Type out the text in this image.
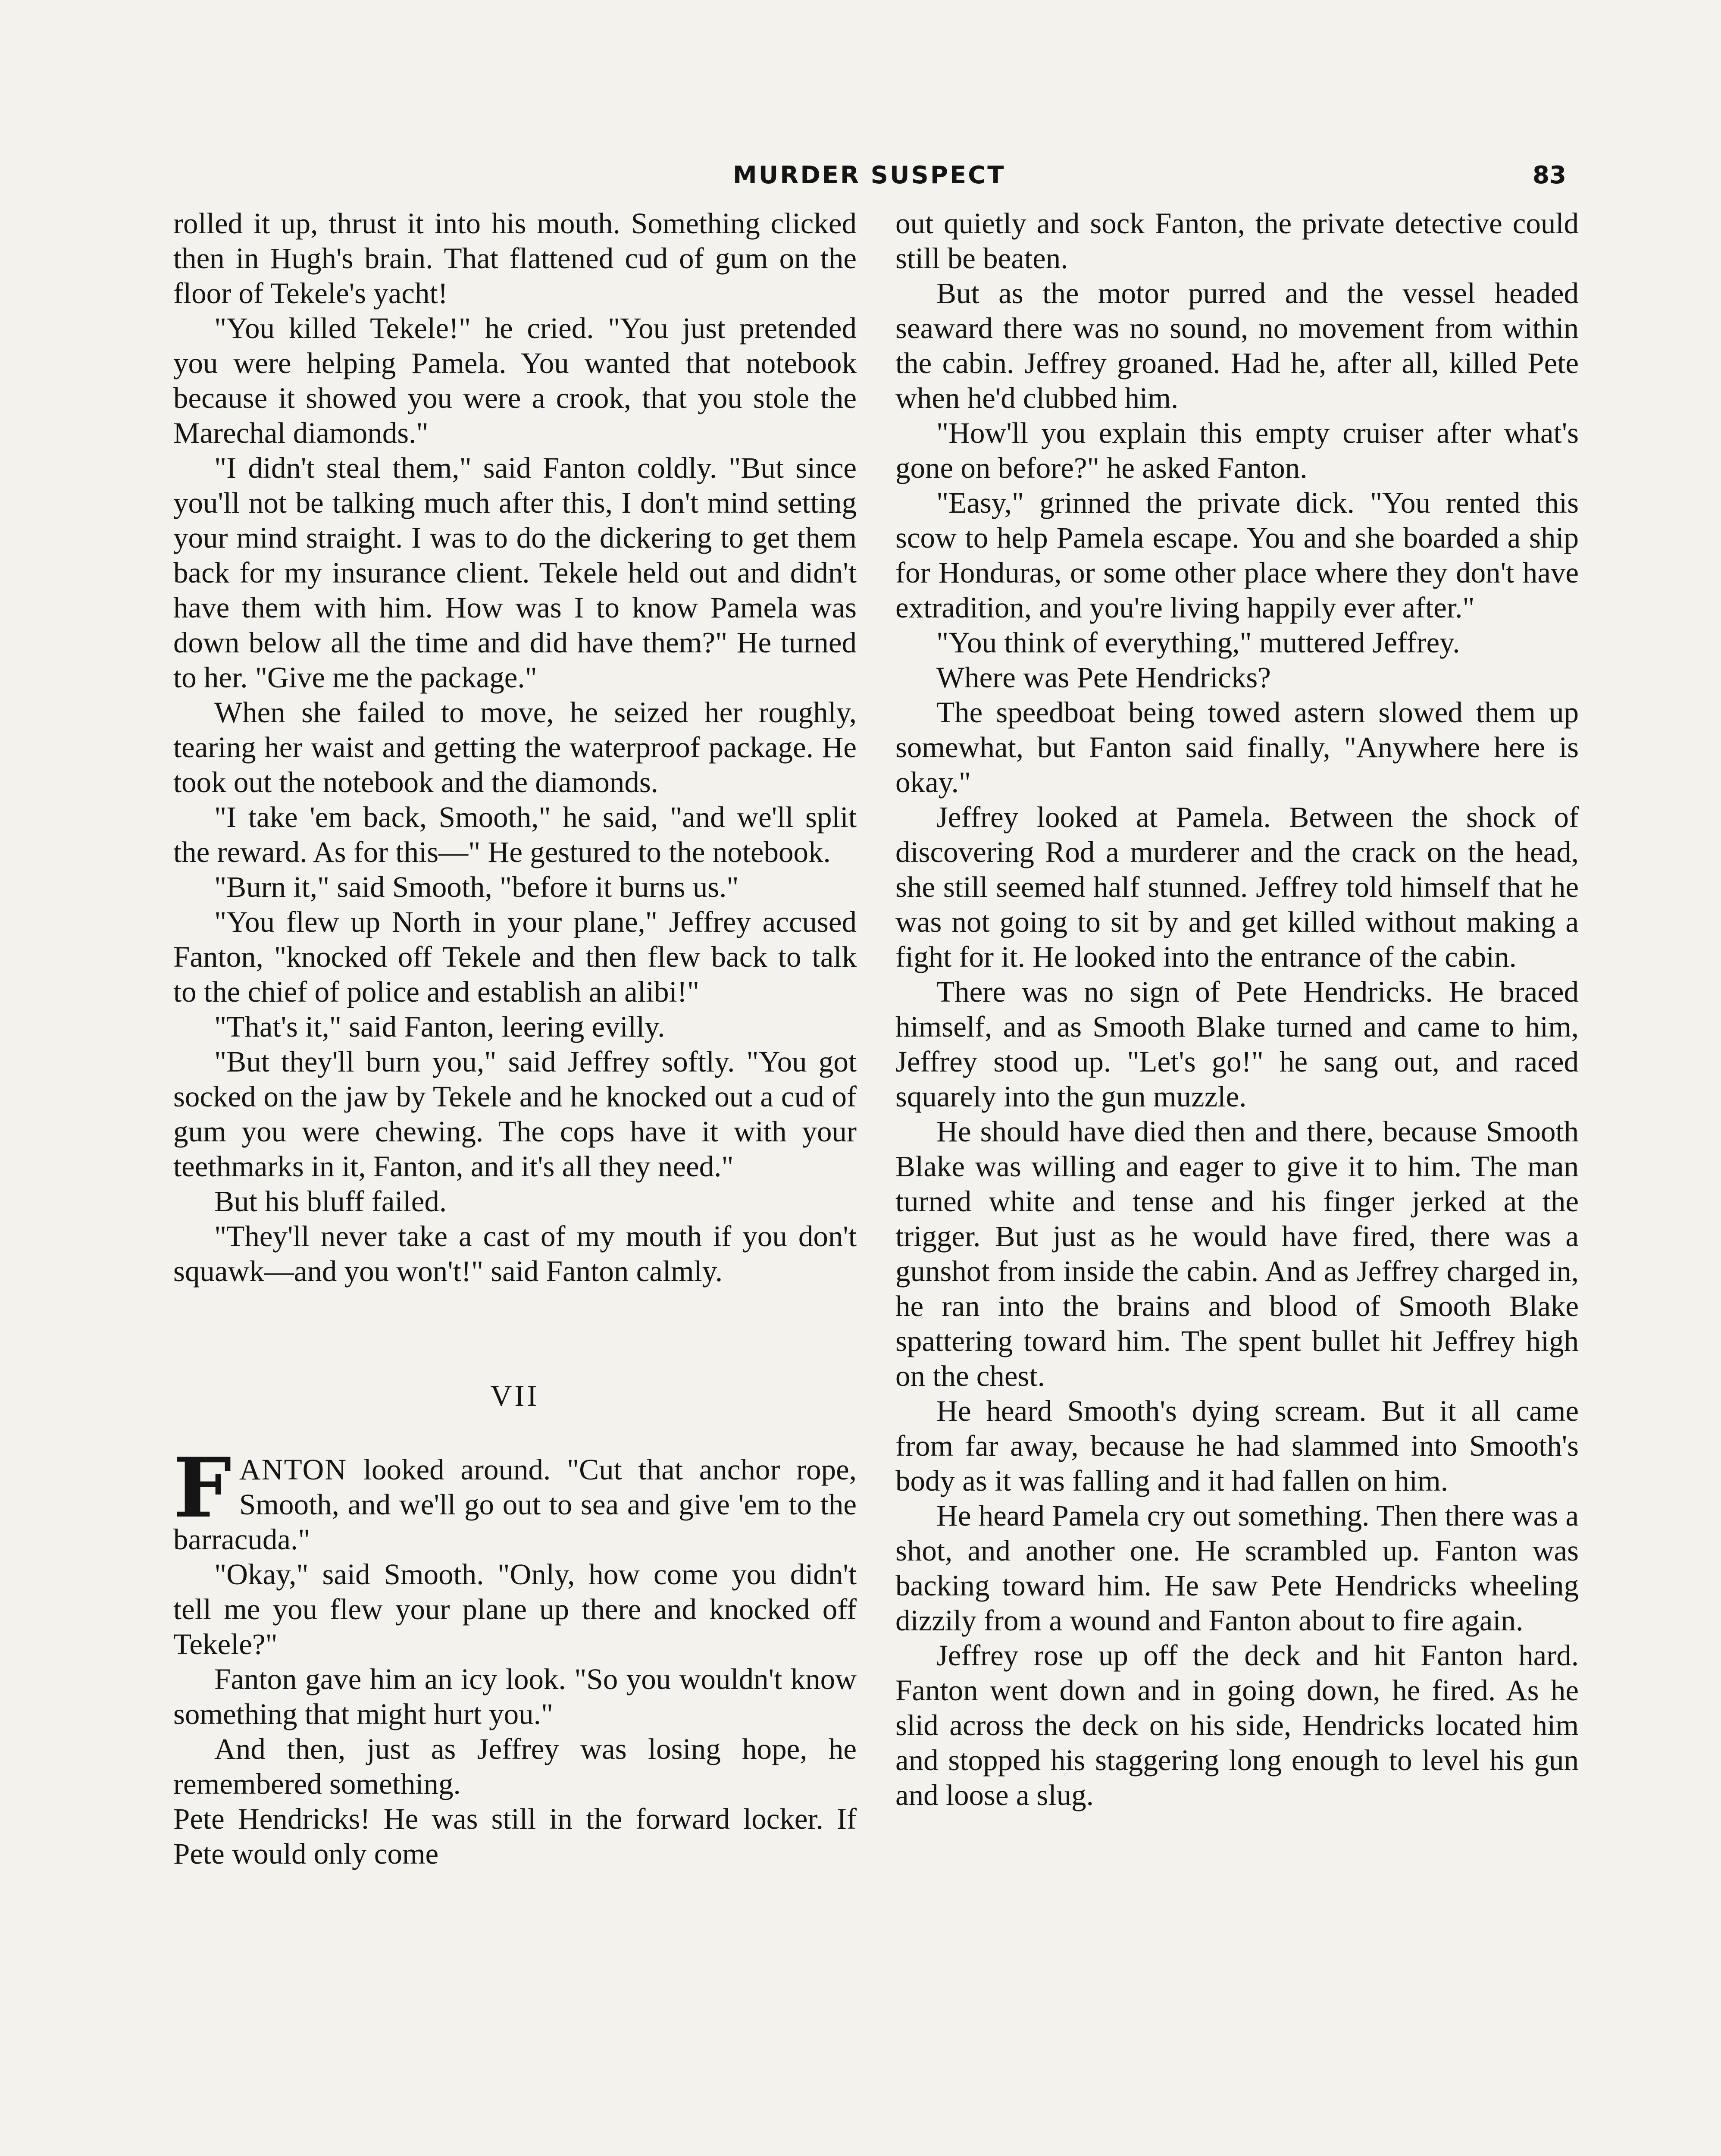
MURDER SUSPECT	83

rolled it up, thrust it into his mouth. Something clicked then in Hugh's brain. That flattened cud of gum on the floor of Tekele's yacht!

"You killed Tekele!" he cried. "You just pretended you were helping Pamela. You wanted that notebook because it showed you were a crook, that you stole the Marechal diamonds."

"I didn't steal them," said Fanton coldly. "But since you'll not be talking much after this, I don't mind setting your mind straight. I was to do the dickering to get them back for my insurance client. Tekele held out and didn't have them with him. How was I to know Pamela was down below all the time and did have them?" He turned to her. "Give me the package."

When she failed to move, he seized her roughly, tearing her waist and getting the waterproof package. He took out the notebook and the diamonds.

"I take 'em back, Smooth," he said, "and we'll split the reward. As for this—" He gestured to the notebook.

"Burn it," said Smooth, "before it burns us."

"You flew up North in your plane," Jeffrey accused Fanton, "knocked off Tekele and then flew back to talk to the chief of police and establish an alibi!"

"That's it," said Fanton, leering evilly.

"But they'll burn you," said Jeffrey softly. "You got socked on the jaw by Tekele and he knocked out a cud of gum you were chewing. The cops have it with your teethmarks in it, Fanton, and it's all they need."

But his bluff failed.

"They'll never take a cast of my mouth if you don't squawk—and you won't!" said Fanton calmly.

VII

FANTON looked around. "Cut that anchor rope, Smooth, and we'll go out to sea and give 'em to the barracuda."

"Okay," said Smooth. "Only, how come you didn't tell me you flew your plane up there and knocked off Tekele?"

Fanton gave him an icy look. "So you wouldn't know something that might hurt you."

And then, just as Jeffrey was losing hope, he remembered something.

Pete Hendricks! He was still in the forward locker. If Pete would only come

out quietly and sock Fanton, the private detective could still be beaten.

But as the motor purred and the vessel headed seaward there was no sound, no movement from within the cabin. Jeffrey groaned. Had he, after all, killed Pete when he'd clubbed him.

"How'll you explain this empty cruiser after what's gone on before?" he asked Fanton.

"Easy," grinned the private dick. "You rented this scow to help Pamela escape. You and she boarded a ship for Honduras, or some other place where they don't have extradition, and you're living happily ever after."

"You think of everything," muttered Jeffrey.

Where was Pete Hendricks?

The speedboat being towed astern slowed them up somewhat, but Fanton said finally, "Anywhere here is okay."

Jeffrey looked at Pamela. Between the shock of discovering Rod a murderer and the crack on the head, she still seemed half stunned. Jeffrey told himself that he was not going to sit by and get killed without making a fight for it. He looked into the entrance of the cabin.

There was no sign of Pete Hendricks. He braced himself, and as Smooth Blake turned and came to him, Jeffrey stood up. "Let's go!" he sang out, and raced squarely into the gun muzzle.

He should have died then and there, because Smooth Blake was willing and eager to give it to him. The man turned white and tense and his finger jerked at the trigger. But just as he would have fired, there was a gunshot from inside the cabin. And as Jeffrey charged in, he ran into the brains and blood of Smooth Blake spattering toward him. The spent bullet hit Jeffrey high on the chest.

He heard Smooth's dying scream. But it all came from far away, because he had slammed into Smooth's body as it was falling and it had fallen on him.

He heard Pamela cry out something. Then there was a shot, and another one. He scrambled up. Fanton was backing toward him. He saw Pete Hendricks wheeling dizzily from a wound and Fanton about to fire again.

Jeffrey rose up off the deck and hit Fanton hard. Fanton went down and in going down, he fired. As he slid across the deck on his side, Hendricks located him and stopped his staggering long enough to level his gun and loose a slug.
